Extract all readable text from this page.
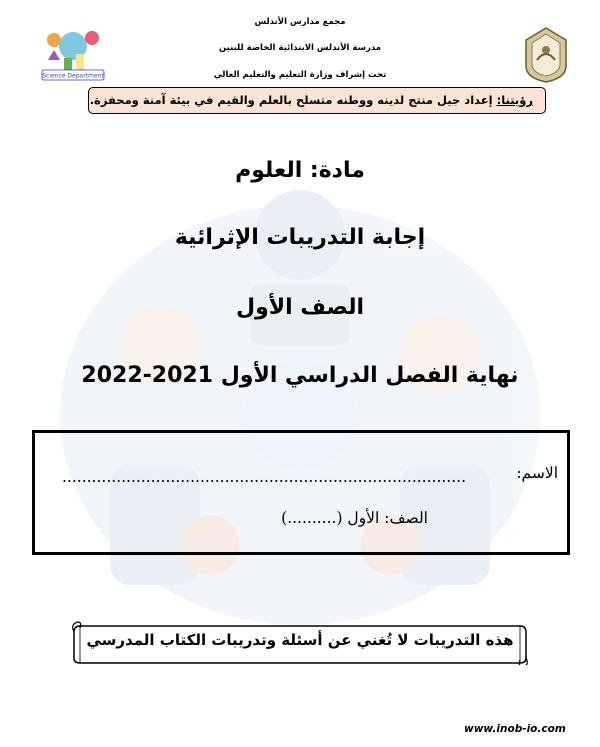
مجمع مدارس الأندلس
مدرسة الأندلس الابتدائية الخاصة للبنين
تحت إشراف وزارة التعليم والتعليم العالي
Science Department
رؤيتنا: إعداد جيل منتج لدينه ووطنه متسلح بالعلم والقيم في بيئة آمنة ومحفزة.
مادة: العلوم
إجابة التدريبات الإثرائية
الصف الأول
نهاية الفصل الدراسي الأول 2021-2022
الاسم:
..................................................................................
الصف: الأول (..........)
هذه التدريبات لا تُغني عن أسئلة وتدريبات الكتاب المدرسي
www.inob-io.com
